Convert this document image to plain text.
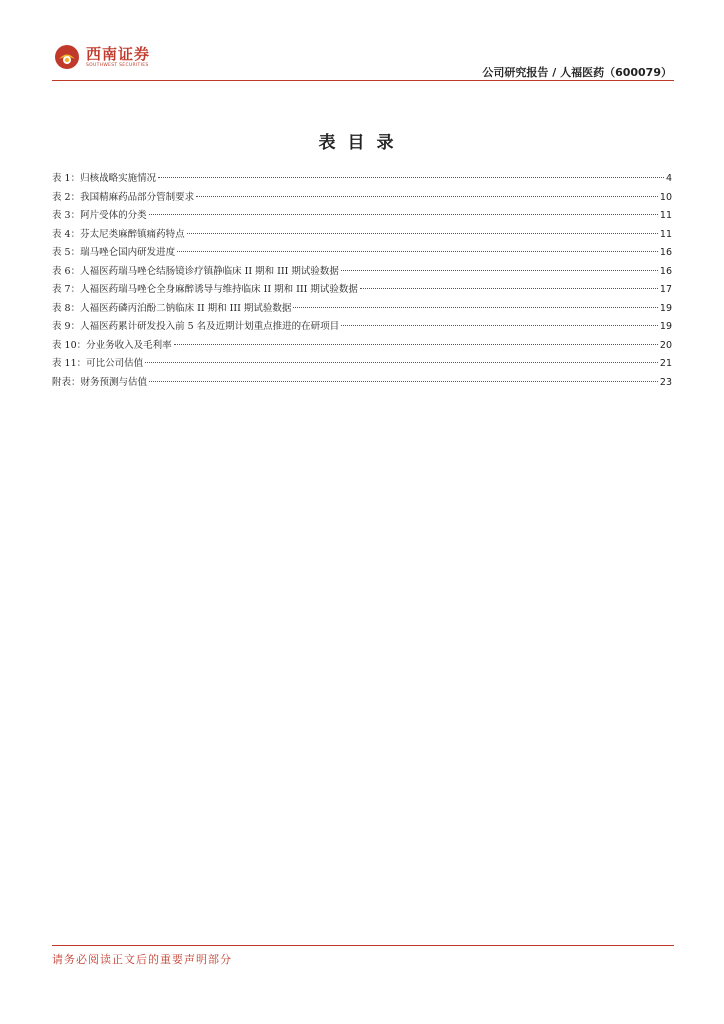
西南证券
SOUTHWEST SECURITIES
公司研究报告 / 人福医药（600079）
表目录
表 1：归核战略实施情况	4
表 2：我国精麻药品部分管制要求	10
表 3：阿片受体的分类	11
表 4：芬太尼类麻醉镇痛药特点	11
表 5：瑞马唑仑国内研发进度	16
表 6：人福医药瑞马唑仑结肠镜诊疗镇静临床 II 期和 III 期试验数据	16
表 7：人福医药瑞马唑仑全身麻醉诱导与维持临床 II 期和 III 期试验数据	17
表 8：人福医药磷丙泊酚二钠临床 II 期和 III 期试验数据	19
表 9：人福医药累计研发投入前 5 名及近期计划重点推进的在研项目	19
表 10：分业务收入及毛利率	20
表 11：可比公司估值	21
附表：财务预测与估值	23
请务必阅读正文后的重要声明部分
